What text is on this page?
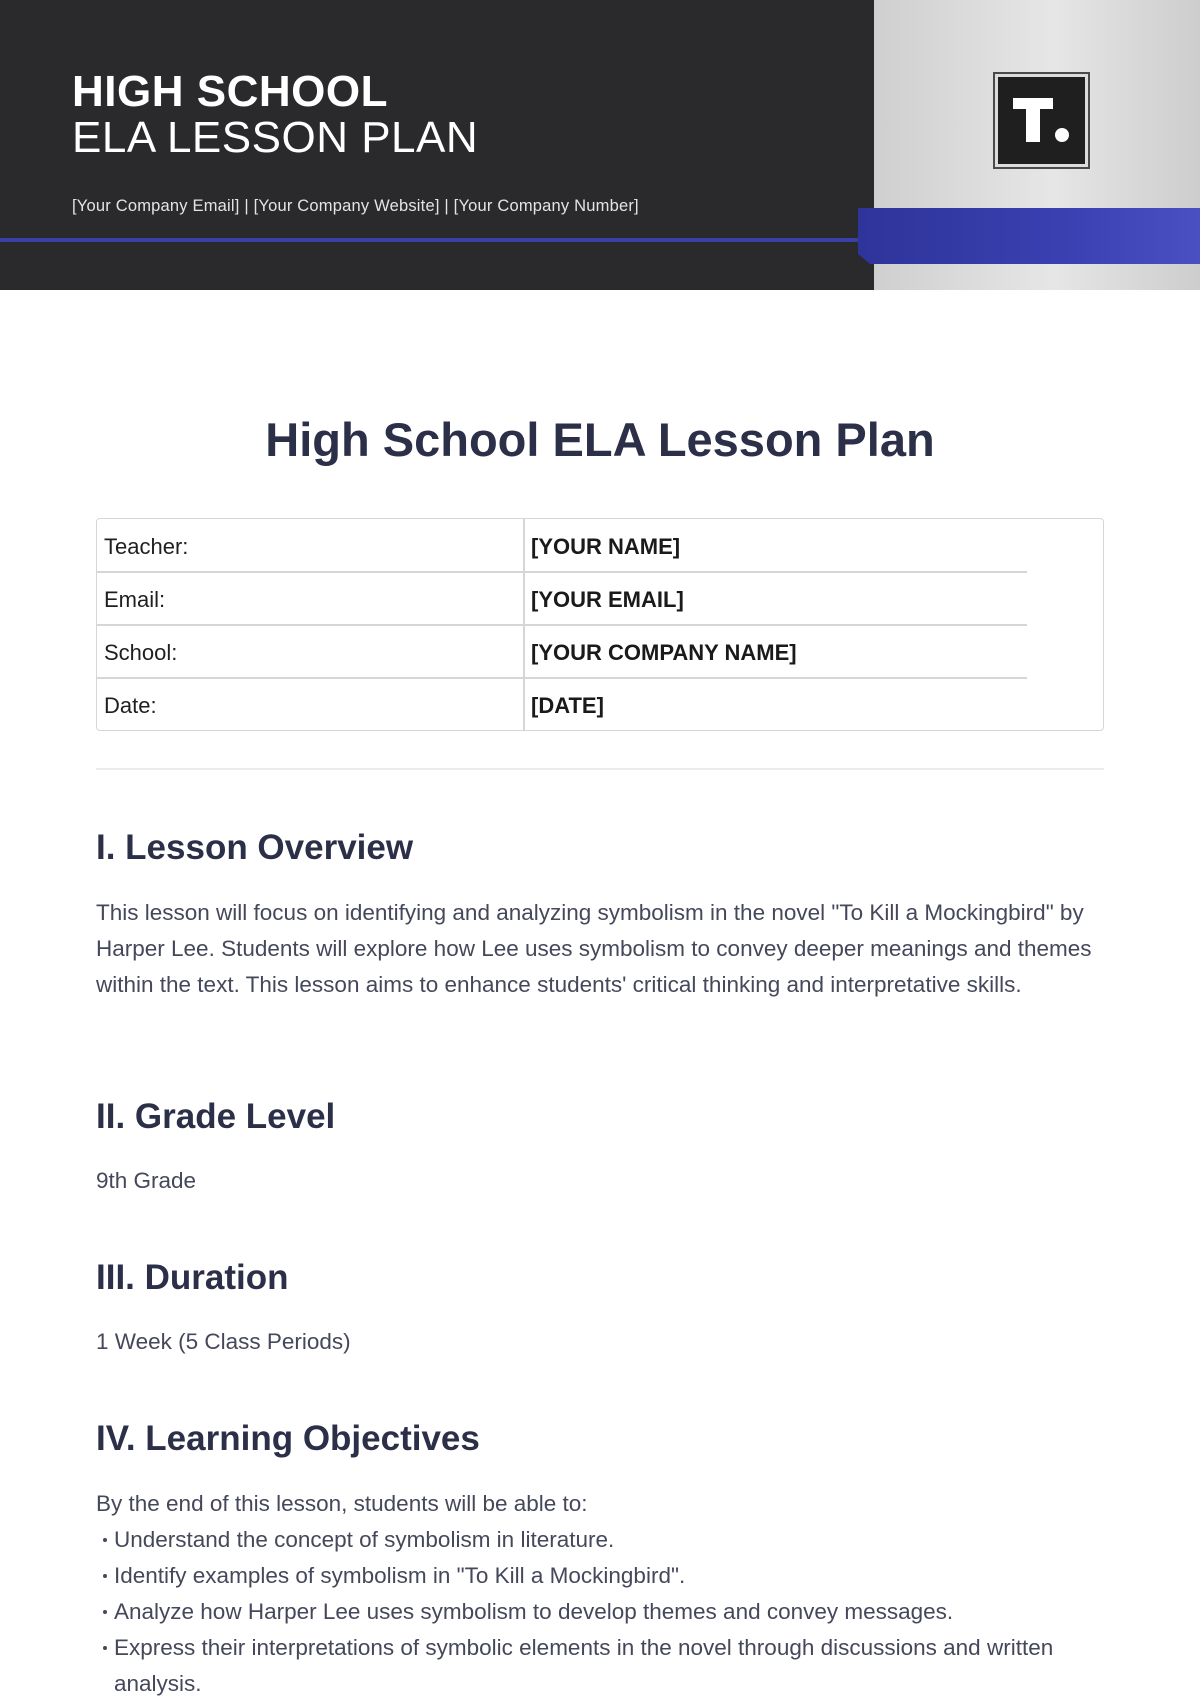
HIGH SCHOOL
ELA LESSON PLAN
[Your Company Email] | [Your Company Website] | [Your Company Number]
High School ELA Lesson Plan
Teacher:	[YOUR NAME]
Email:	[YOUR EMAIL]
School:	[YOUR COMPANY NAME]
Date:	[DATE]
I. Lesson Overview

This lesson will focus on identifying and analyzing symbolism in the novel "To Kill a Mockingbird" by Harper Lee. Students will explore how Lee uses symbolism to convey deeper meanings and themes within the text. This lesson aims to enhance students' critical thinking and interpretative skills.

II. Grade Level

9th Grade

III. Duration

1 Week (5 Class Periods)

IV. Learning Objectives

By the end of this lesson, students will be able to:

Understand the concept of symbolism in literature.
Identify examples of symbolism in "To Kill a Mockingbird".
Analyze how Harper Lee uses symbolism to develop themes and convey messages.
Express their interpretations of symbolic elements in the novel through discussions and written analysis.
